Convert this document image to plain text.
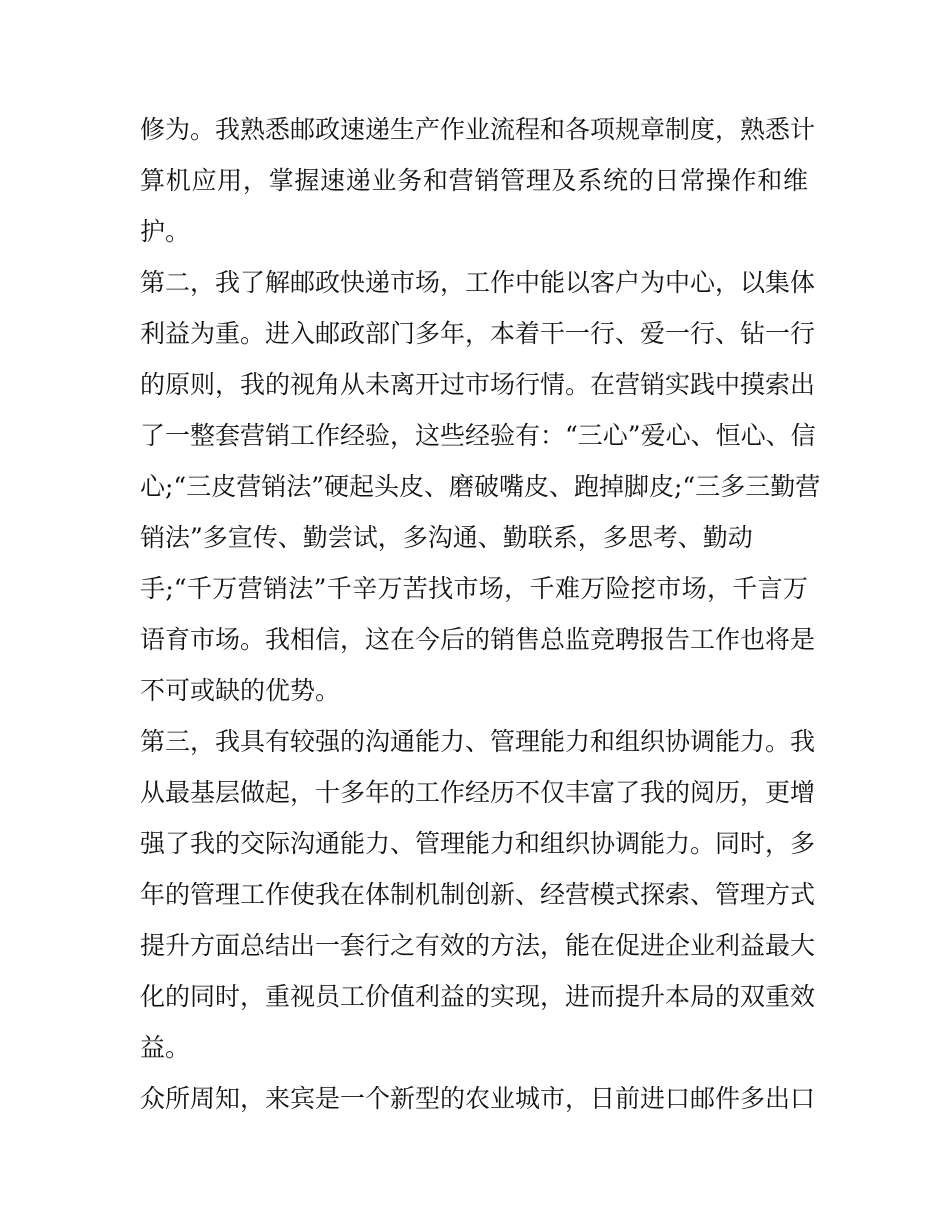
修为。我熟悉邮政速递生产作业流程和各项规章制度，熟悉计
算机应用，掌握速递业务和营销管理及系统的日常操作和维
护。
第二，我了解邮政快递市场，工作中能以客户为中心，以集体
利益为重。进入邮政部门多年，本着干一行、爱一行、钻一行
的原则，我的视角从未离开过市场行情。在营销实践中摸索出
了一整套营销工作经验，这些经验有：“三心”爱心、恒心、信
心;“三皮营销法”硬起头皮、磨破嘴皮、跑掉脚皮;“三多三勤营
销法”多宣传、勤尝试，多沟通、勤联系，多思考、勤动
手;“千万营销法”千辛万苦找市场，千难万险挖市场，千言万
语育市场。我相信，这在今后的销售总监竞聘报告工作也将是
不可或缺的优势。
第三，我具有较强的沟通能力、管理能力和组织协调能力。我
从最基层做起，十多年的工作经历不仅丰富了我的阅历，更增
强了我的交际沟通能力、管理能力和组织协调能力。同时，多
年的管理工作使我在体制机制创新、经营模式探索、管理方式
提升方面总结出一套行之有效的方法，能在促进企业利益最大
化的同时，重视员工价值利益的实现，进而提升本局的双重效
益。
众所周知，来宾是一个新型的农业城市，日前进口邮件多出口
